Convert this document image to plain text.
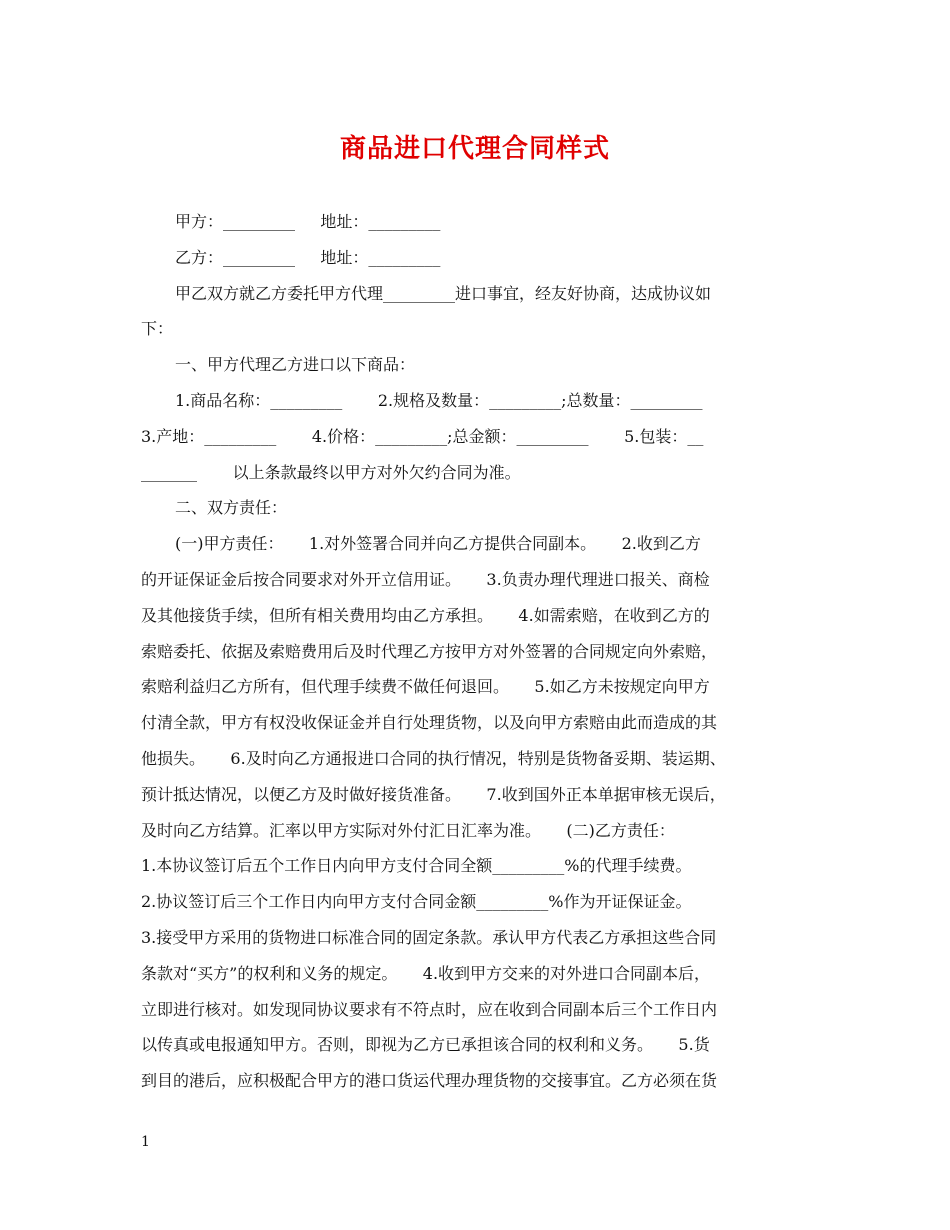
商品进口代理合同样式
甲方：_________     地址：_________
乙方：_________     地址：_________
甲乙双方就乙方委托甲方代理_________进口事宜，经友好协商，达成协议如
下：
一、甲方代理乙方进口以下商品：
1.商品名称：_________       2.规格及数量：_________;总数量：_________
3.产地：_________       4.价格：_________;总金额：_________       5.包装：__
_______       以上条款最终以甲方对外欠约合同为准。
二、双方责任：
(一)甲方责任：     1.对外签署合同并向乙方提供合同副本。     2.收到乙方
的开证保证金后按合同要求对外开立信用证。     3.负责办理代理进口报关、商检
及其他接货手续，但所有相关费用均由乙方承担。     4.如需索赔，在收到乙方的
索赔委托、依据及索赔费用后及时代理乙方按甲方对外签署的合同规定向外索赔，
索赔利益归乙方所有，但代理手续费不做任何退回。     5.如乙方未按规定向甲方
付清全款，甲方有权没收保证金并自行处理货物，以及向甲方索赔由此而造成的其
他损失。     6.及时向乙方通报进口合同的执行情况，特别是货物备妥期、装运期、
预计抵达情况，以便乙方及时做好接货准备。     7.收到国外正本单据审核无误后，
及时向乙方结算。汇率以甲方实际对外付汇日汇率为准。     (二)乙方责任：
1.本协议签订后五个工作日内向甲方支付合同全额_________%的代理手续费。
2.协议签订后三个工作日内向甲方支付合同金额_________%作为开证保证金。
3.接受甲方采用的货物进口标准合同的固定条款。承认甲方代表乙方承担这些合同
条款对“买方”的权利和义务的规定。     4.收到甲方交来的对外进口合同副本后，
立即进行核对。如发现同协议要求有不符点时，应在收到合同副本后三个工作日内
以传真或电报通知甲方。否则，即视为乙方已承担该合同的权利和义务。     5.货
到目的港后，应积极配合甲方的港口货运代理办理货物的交接事宜。乙方必须在货
1
